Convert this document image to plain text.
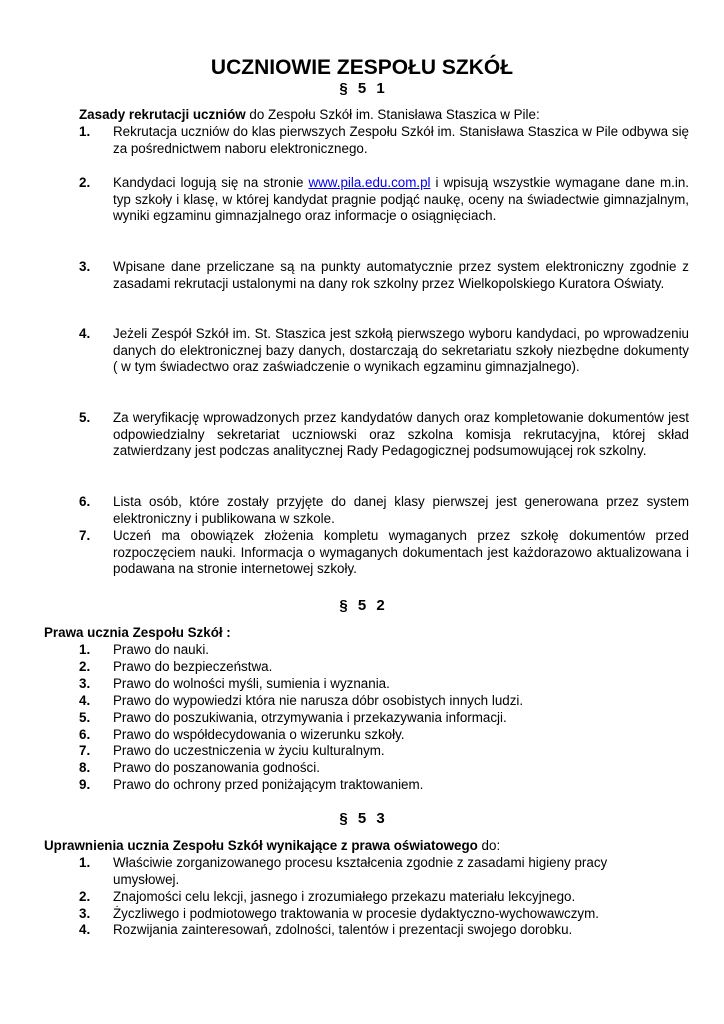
UCZNIOWIE ZESPOŁU SZKÓŁ
§ 5 1
Zasady rekrutacji uczniów do Zespołu Szkół im. Stanisława Staszica w Pile:
1. Rekrutacja uczniów do klas pierwszych Zespołu Szkół im. Stanisława Staszica w Pile odbywa się za pośrednictwem naboru elektronicznego.
2. Kandydaci logują się na stronie www.pila.edu.com.pl i wpisują wszystkie wymagane dane m.in. typ szkoły i klasę, w której kandydat pragnie podjąć naukę, oceny na świadectwie gimnazjalnym, wyniki egzaminu gimnazjalnego oraz informacje o osiągnięciach.
3. Wpisane dane przeliczane są na punkty automatycznie przez system elektroniczny zgodnie z zasadami rekrutacji ustalonymi na dany rok szkolny przez Wielkopolskiego Kuratora Oświaty.
4. Jeżeli Zespół Szkół im. St. Staszica jest szkołą pierwszego wyboru kandydaci, po wprowadzeniu danych do elektronicznej bazy danych, dostarczają do sekretariatu szkoły niezbędne dokumenty ( w tym świadectwo oraz zaświadczenie o wynikach egzaminu gimnazjalnego).
5. Za weryfikację wprowadzonych przez kandydatów danych oraz kompletowanie dokumentów jest odpowiedzialny sekretariat uczniowski oraz szkolna komisja rekrutacyjna, której skład zatwierdzany jest podczas analitycznej Rady Pedagogicznej podsumowującej rok szkolny.
6. Lista osób, które zostały przyjęte do danej klasy pierwszej jest generowana przez system elektroniczny i publikowana w szkole.
7. Uczeń ma obowiązek złożenia kompletu wymaganych przez szkołę dokumentów przed rozpoczęciem nauki. Informacja o wymaganych dokumentach jest każdorazowo aktualizowana i podawana na stronie internetowej szkoły.
§ 5 2
Prawa ucznia Zespołu Szkół :
1. Prawo do nauki.
2. Prawo do bezpieczeństwa.
3. Prawo do wolności myśli, sumienia i wyznania.
4. Prawo do wypowiedzi która nie narusza dóbr osobistych innych ludzi.
5. Prawo do poszukiwania, otrzymywania i przekazywania informacji.
6. Prawo do współdecydowania o wizerunku szkoły.
7. Prawo do uczestniczenia w życiu kulturalnym.
8. Prawo do poszanowania godności.
9. Prawo do ochrony przed poniżającym traktowaniem.
§ 5 3
Uprawnienia ucznia Zespołu Szkół wynikające z prawa oświatowego do:
1. Właściwie zorganizowanego procesu kształcenia zgodnie z zasadami higieny pracy umysłowej.
2. Znajomości celu lekcji, jasnego i zrozumiałego przekazu materiału lekcyjnego.
3. Życzliwego i podmiotowego traktowania w procesie dydaktyczno-wychowawczym.
4. Rozwijania zainteresowań, zdolności, talentów i prezentacji swojego dorobku.
